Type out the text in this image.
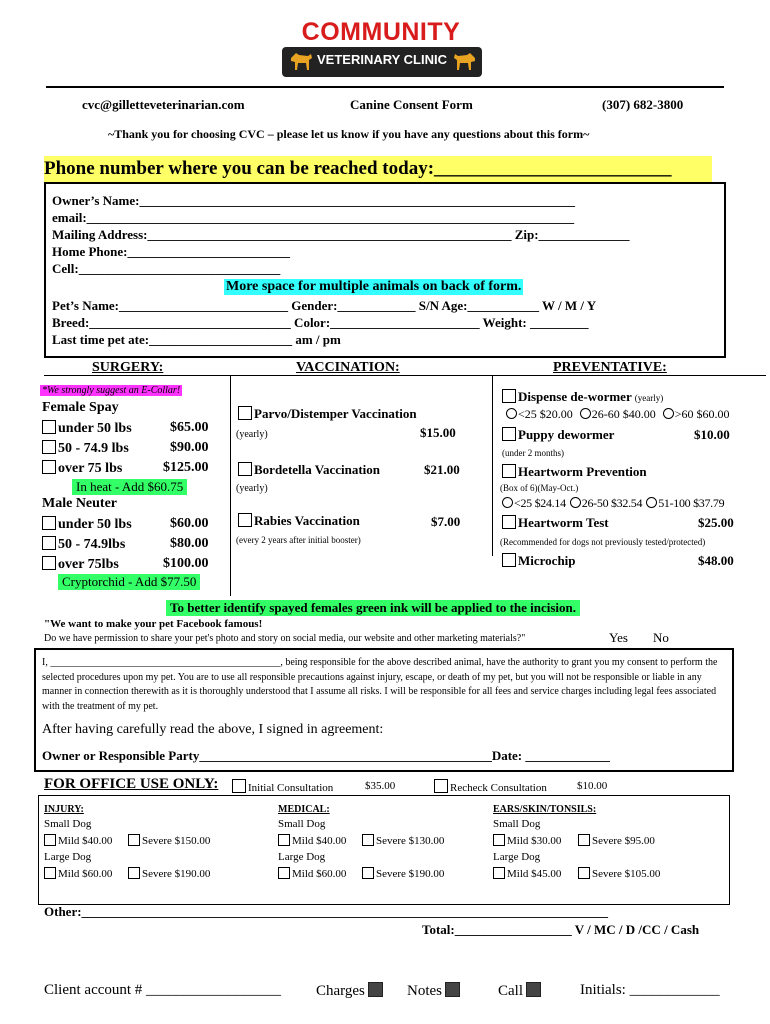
COMMUNITY
VETERINARY CLINIC
cvc@gilletteveterinarian.com	Canine Consent Form	(307) 682-3800
~Thank you for choosing CVC – please let us know if you have any questions about this form~
Phone number where you can be reached today:_________________________
Owner’s Name:___________________________________________________________________
email:___________________________________________________________________________
Mailing Address:________________________________________________________ Zip:______________
Home Phone:_________________________
Cell:_______________________________
More space for multiple animals on back of form.
Pet’s Name:__________________________ Gender:____________ S/N Age:___________ W / M / Y
Breed:_______________________________ Color:_______________________ Weight: _________
Last time pet ate:______________________ am / pm
SURGERY:	VACCINATION:	PREVENTATIVE:
*We strongly suggest an E-Collar!
Female Spay
under 50 lbs	$65.00
50 - 74.9 lbs	$90.00
over 75 lbs	$125.00
In heat - Add $60.75
Male Neuter
under 50 lbs	$60.00
50 - 74.9lbs	$80.00
over 75lbs	$100.00
Cryptorchid - Add $77.50
Parvo/Distemper Vaccination
(yearly)	$15.00
Bordetella Vaccination
(yearly)
$21.00
Rabies Vaccination
(every 2 years after initial booster)
$7.00
Dispense de-wormer (yearly)
<25 $20.00 26-60 $40.00 >60 $60.00
Puppy dewormer	$10.00
(under 2 months)
Heartworm Prevention
(Box of 6)(May-Oct.)
<25 $24.14 26-50 $32.54 51-100 $37.79
Heartworm Test	$25.00
(Recommended for dogs not previously tested/protected)
Microchip	$48.00
To better identify spayed females green ink will be applied to the incision.
"We want to make your pet Facebook famous!
Do we have permission to share your pet's photo and story on social media, our website and other marketing materials?"	Yes No
I, ______________________________________________, being responsible for the above described animal, have the authority to grant you my consent to perform the selected procedures upon my pet. You are to use all responsible precautions against injury, escape, or death of my pet, but you will not be responsible or liable in any manner in connection therewith as it is thoroughly understood that I assume all risks. I will be responsible for all fees and service charges including legal fees associated with the treatment of my pet.
After having carefully read the above, I signed in agreement:
Owner or Responsible Party_____________________________________________Date: _____________
FOR OFFICE USE ONLY:	Initial Consultation	$35.00	Recheck Consultation	$10.00
INJURY:
Small Dog
Mild $40.00	Severe $150.00
Large Dog
Mild $60.00	Severe $190.00
MEDICAL:
Small Dog
Mild $40.00	Severe $130.00
Large Dog
Mild $60.00	Severe $190.00
EARS/SKIN/TONSILS:
Small Dog
Mild $30.00	Severe $95.00
Large Dog
Mild $45.00	Severe $105.00
Other:_________________________________________________________________________________
Total:__________________ V / MC / D /CC / Cash
Client account # __________________ Charges	Notes	Call	Initials: ____________
